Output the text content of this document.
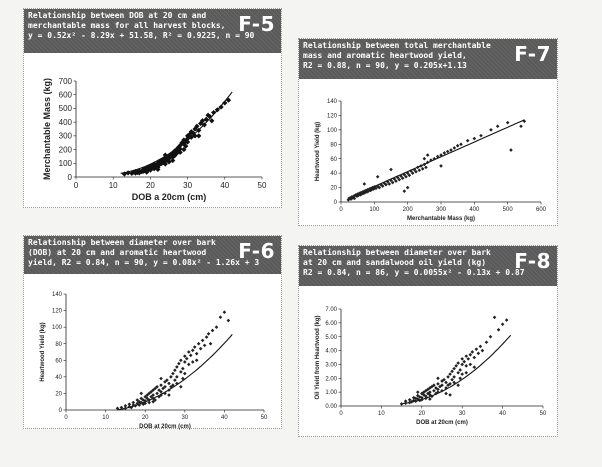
Relationship between DOB at 20 cm and
merchantable mass for all harvest blocks,
y = 0.52x² - 8.29x + 51.58, R² = 0.9225, n = 90
F-5
0	10	20	30	40	50
0
100
200
300
400
500
600
700
DOB a 20cm (cm)
Merchantable Mass (kg)
Relationship between total merchantable
mass and aromatic heartwood yield,
R2 = 0.88, n = 90, y = 0.205x+1.13	F-7
0	100	200	300	400	500	600
0
20
40
60
80
100
120
140
Merchantable Mass (kg)
Heartwood Yield (kg)
Relationship between diameter over bark
(DOB) at 20 cm and aromatic heartwood
yield, R2 = 0.84, n = 90, y = 0.08x² - 1.26x + 3
F-6
0	10	20	30	40	50
0
20
40
60
80
100
120
140
DOB at 20cm (cm)
Heartwood Yield (kg)
Relationship between diameter over bark
at 20 cm and sandalwood oil yield (kg)
R2 = 0.84, n = 86, y = 0.0055x² - 0.13x + 0.87
F-8
0	10	20	30	40	50
0.00
1.00
2.00
3.00
4.00
5.00
6.00
7.00
DOB at 20cm (cm)
Oil Yield from Heartwood (kg)
